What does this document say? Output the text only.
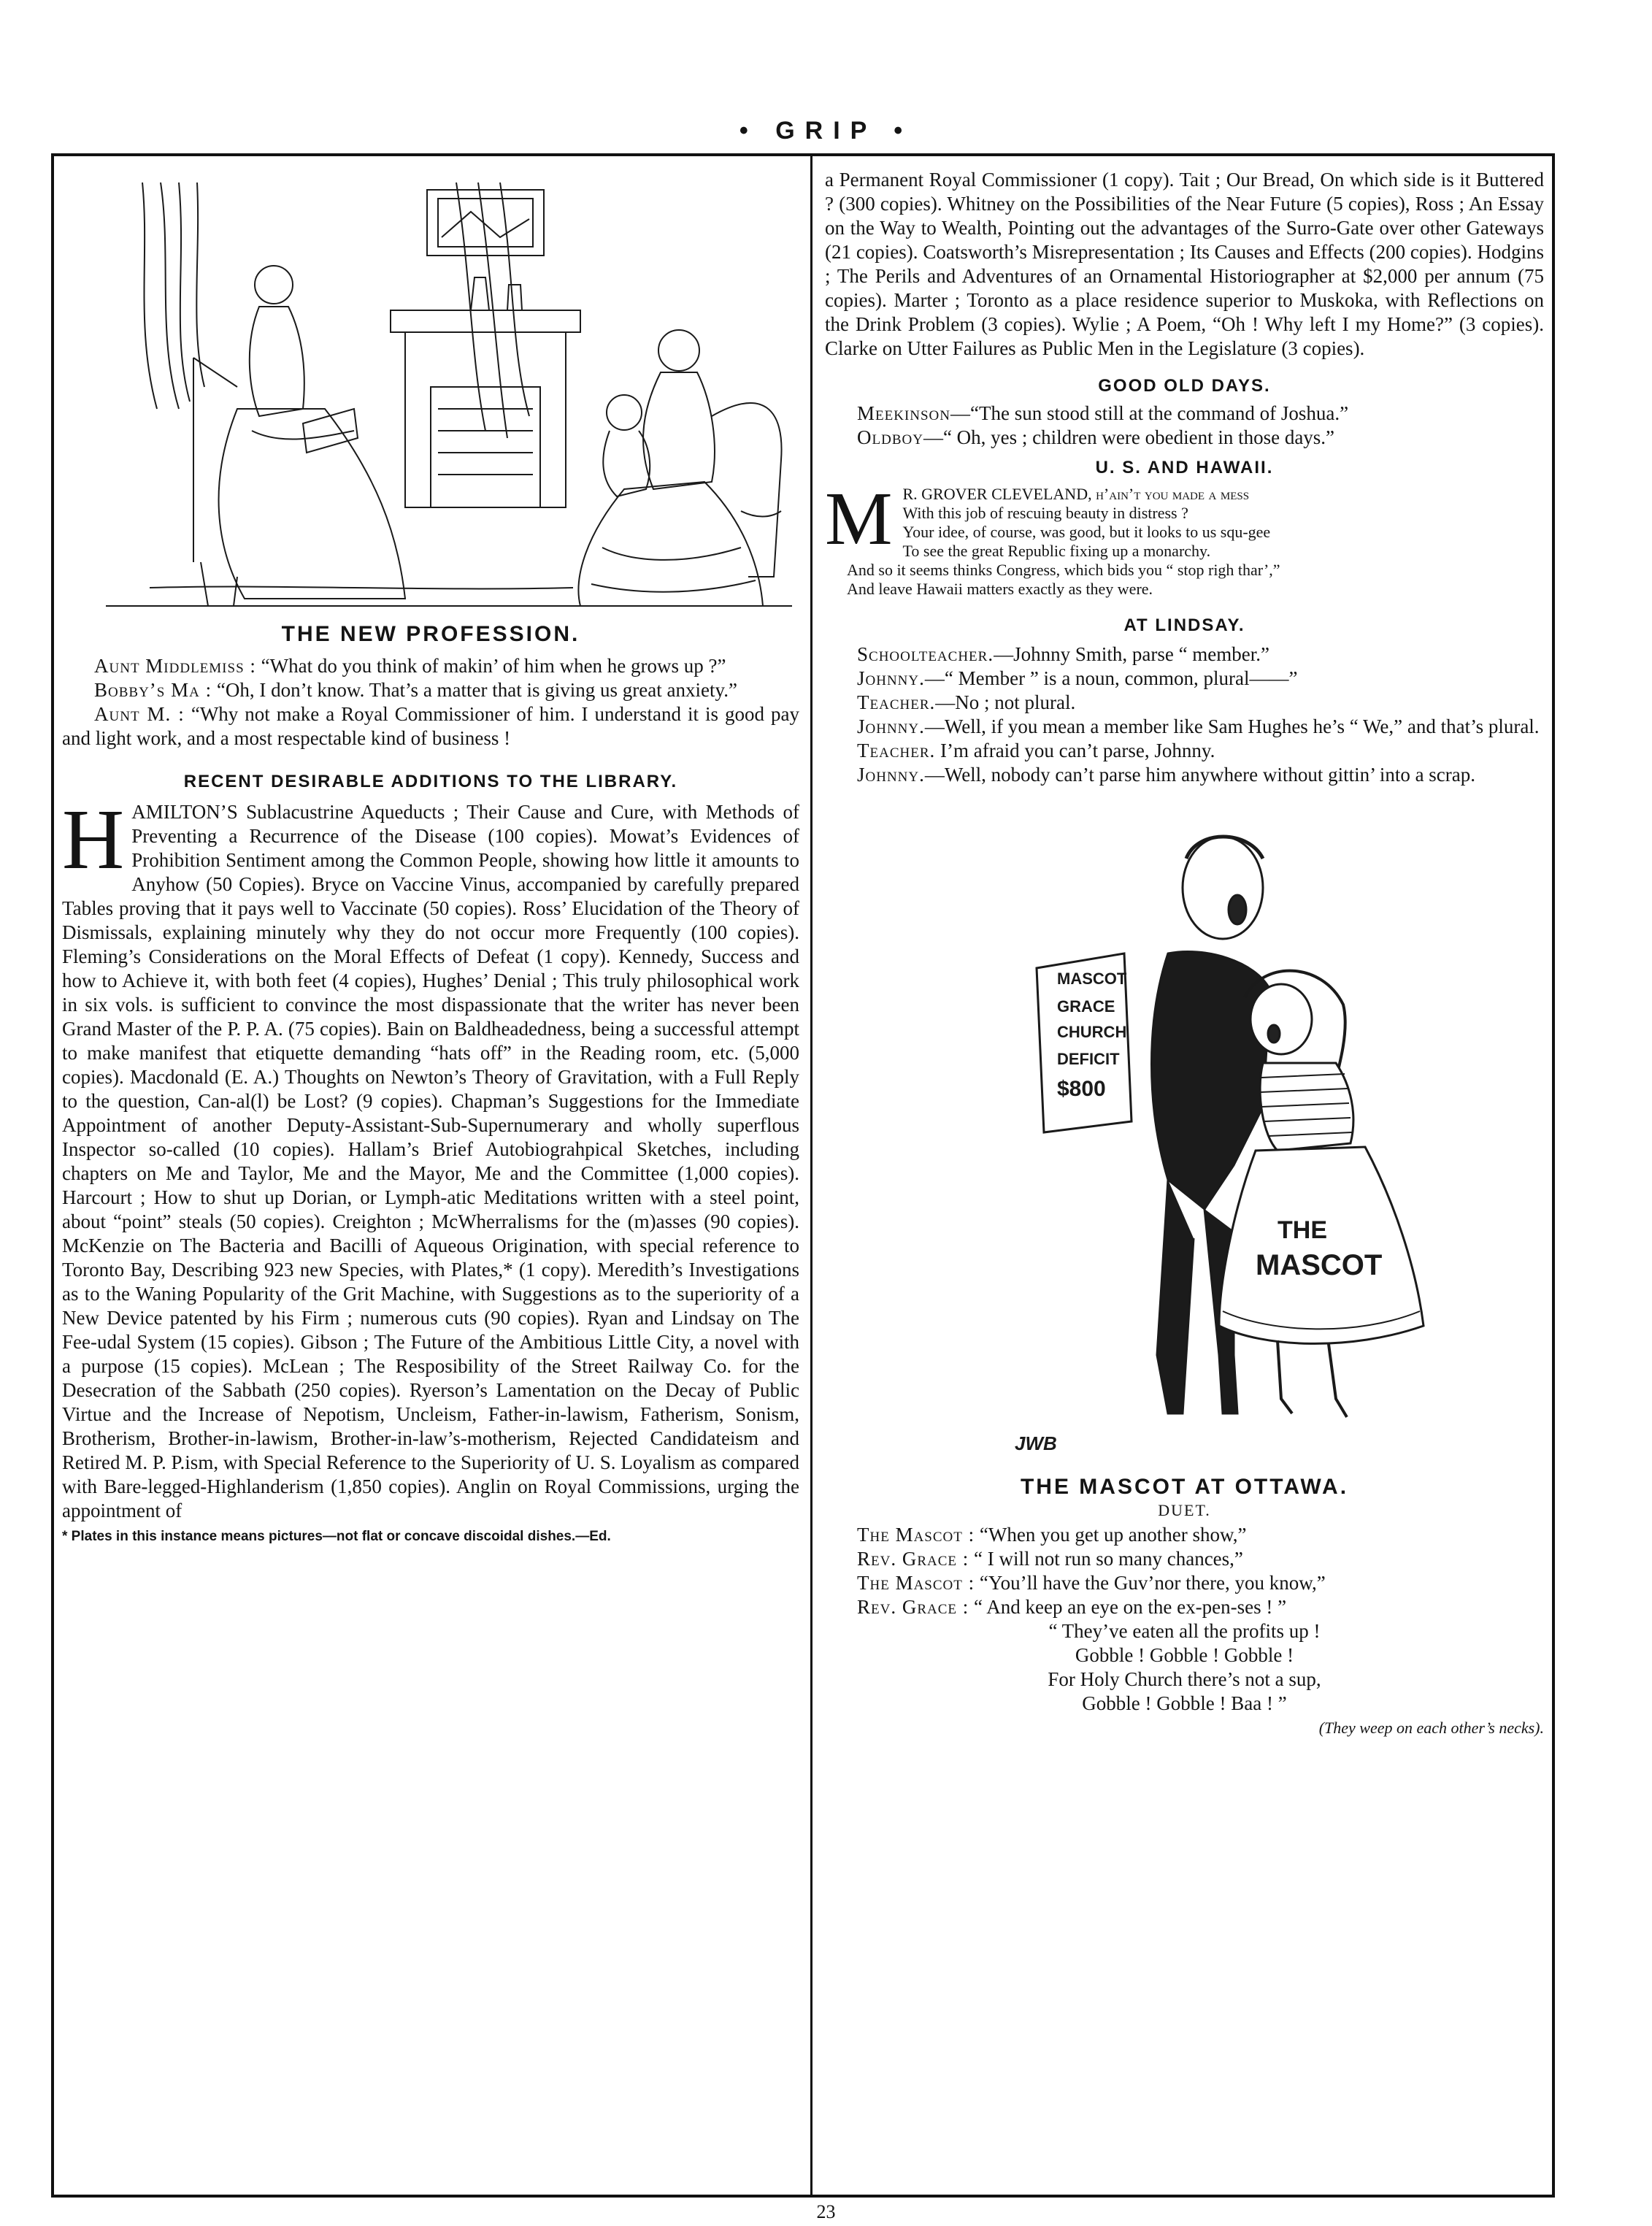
• GRIP •
THE NEW PROFESSION.

Aunt Middlemiss : “What do you think of makin’ of him when he grows up ?”

Bobby’s Ma : “Oh, I don’t know. That’s a matter that is giving us great anxiety.”

Aunt M. : “Why not make a Royal Commissioner of him. I understand it is good pay and light work, and a most respectable kind of business !

RECENT DESIRABLE ADDITIONS TO THE LIBRARY.
HAMILTON’S Sublacustrine Aqueducts ; Their Cause and Cure, with Methods of Preventing a Recurrence of the Disease (100 copies). Mowat’s Evidences of Prohibition Sentiment among the Common People, showing how little it amounts to Anyhow (50 Copies). Bryce on Vaccine Vinus, accompanied by carefully prepared Tables proving that it pays well to Vaccinate (50 copies). Ross’ Elucidation of the Theory of Dismissals, explaining minutely why they do not occur more Frequently (100 copies). Fleming’s Considerations on the Moral Effects of Defeat (1 copy). Kennedy, Success and how to Achieve it, with both feet (4 copies), Hughes’ Denial ; This truly philosophical work in six vols. is sufficient to convince the most dispassionate that the writer has never been Grand Master of the P. P. A. (75 copies). Bain on Baldheadedness, being a successful attempt to make manifest that etiquette demanding “hats off” in the Reading room, etc. (5,000 copies). Macdonald (E. A.) Thoughts on Newton’s Theory of Gravitation, with a Full Reply to the question, Can-al(l) be Lost? (9 copies). Chapman’s Suggestions for the Immediate Appointment of another Deputy-Assistant-Sub-Supernumerary and wholly superflous Inspector so-called (10 copies). Hallam’s Brief Autobiograhpical Sketches, including chapters on Me and Taylor, Me and the Mayor, Me and the Committee (1,000 copies). Harcourt ; How to shut up Dorian, or Lymph-atic Meditations written with a steel point, about “point” steals (50 copies). Creighton ; McWherralisms for the (m)asses (90 copies). McKenzie on The Bacteria and Bacilli of Aqueous Origination, with special reference to Toronto Bay, Describing 923 new Species, with Plates,* (1 copy). Meredith’s Investigations as to the Waning Popularity of the Grit Machine, with Suggestions as to the superiority of a New Device patented by his Firm ; numerous cuts (90 copies). Ryan and Lindsay on The Fee-udal System (15 copies). Gibson ; The Future of the Ambitious Little City, a novel with a purpose (15 copies). McLean ; The Resposibility of the Street Railway Co. for the Desecration of the Sabbath (250 copies). Ryerson’s Lamentation on the Decay of Public Virtue and the Increase of Nepotism, Uncleism, Father-in-lawism, Fatherism, Sonism, Brotherism, Brother-in-lawism, Brother-in-law’s-motherism, Rejected Candidateism and Retired M. P. P.ism, with Special Reference to the Superiority of U. S. Loyalism as compared with Bare-legged-Highlanderism (1,850 copies). Anglin on Royal Commissions, urging the appointment of
* Plates in this instance means pictures—not flat or concave discoidal dishes.—Ed.

a Permanent Royal Commissioner (1 copy). Tait ; Our Bread, On which side is it Buttered ? (300 copies). Whitney on the Possibilities of the Near Future (5 copies), Ross ; An Essay on the Way to Wealth, Pointing out the advantages of the Surro-Gate over other Gateways (21 copies). Coatsworth’s Misrepresentation ; Its Causes and Effects (200 copies). Hodgins ; The Perils and Adventures of an Ornamental Historiographer at $2,000 per annum (75 copies). Marter ; Toronto as a place residence superior to Muskoka, with Reflections on the Drink Problem (3 copies). Wylie ; A Poem, “Oh ! Why left I my Home?” (3 copies). Clarke on Utter Failures as Public Men in the Legislature (3 copies).

GOOD OLD DAYS.

Meekinson—“The sun stood still at the command of Joshua.”

Oldboy—“ Oh, yes ; children were obedient in those days.”

U. S. AND HAWAII.
M R. GROVER CLEVELAND, h’ain’t you made a mess

With this job of rescuing beauty in distress ?

Your idee, of course, was good, but it looks to us squ-gee

To see the great Republic fixing up a monarchy.

And so it seems thinks Congress, which bids you “ stop righ thar’,”

And leave Hawaii matters exactly as they were.

AT LINDSAY.

Schoolteacher.—Johnny Smith, parse “ member.”

Johnny.—“ Member ” is a noun, common, plural——”

Teacher.—No ; not plural.

Johnny.—Well, if you mean a member like Sam Hughes he’s “ We,” and that’s plural.

Teacher. I’m afraid you can’t parse, Johnny.

Johnny.—Well, nobody can’t parse him anywhere without gittin’ into a scrap.

MASCOT
GRACE
CHURCH
DEFICIT
$800
THE
MASCOT
JWB
THE MASCOT AT OTTAWA.
DUET.

The Mascot : “When you get up another show,”

Rev. Grace : “ I will not run so many chances,”

The Mascot : “You’ll have the Guv’nor there, you know,”

Rev. Grace : “ And keep an eye on the ex-pen-ses ! ”

“ They’ve eaten all the profits up !

Gobble ! Gobble ! Gobble !

For Holy Church there’s not a sup,

Gobble ! Gobble ! Baa ! ”

(They weep on each other’s necks).

23
